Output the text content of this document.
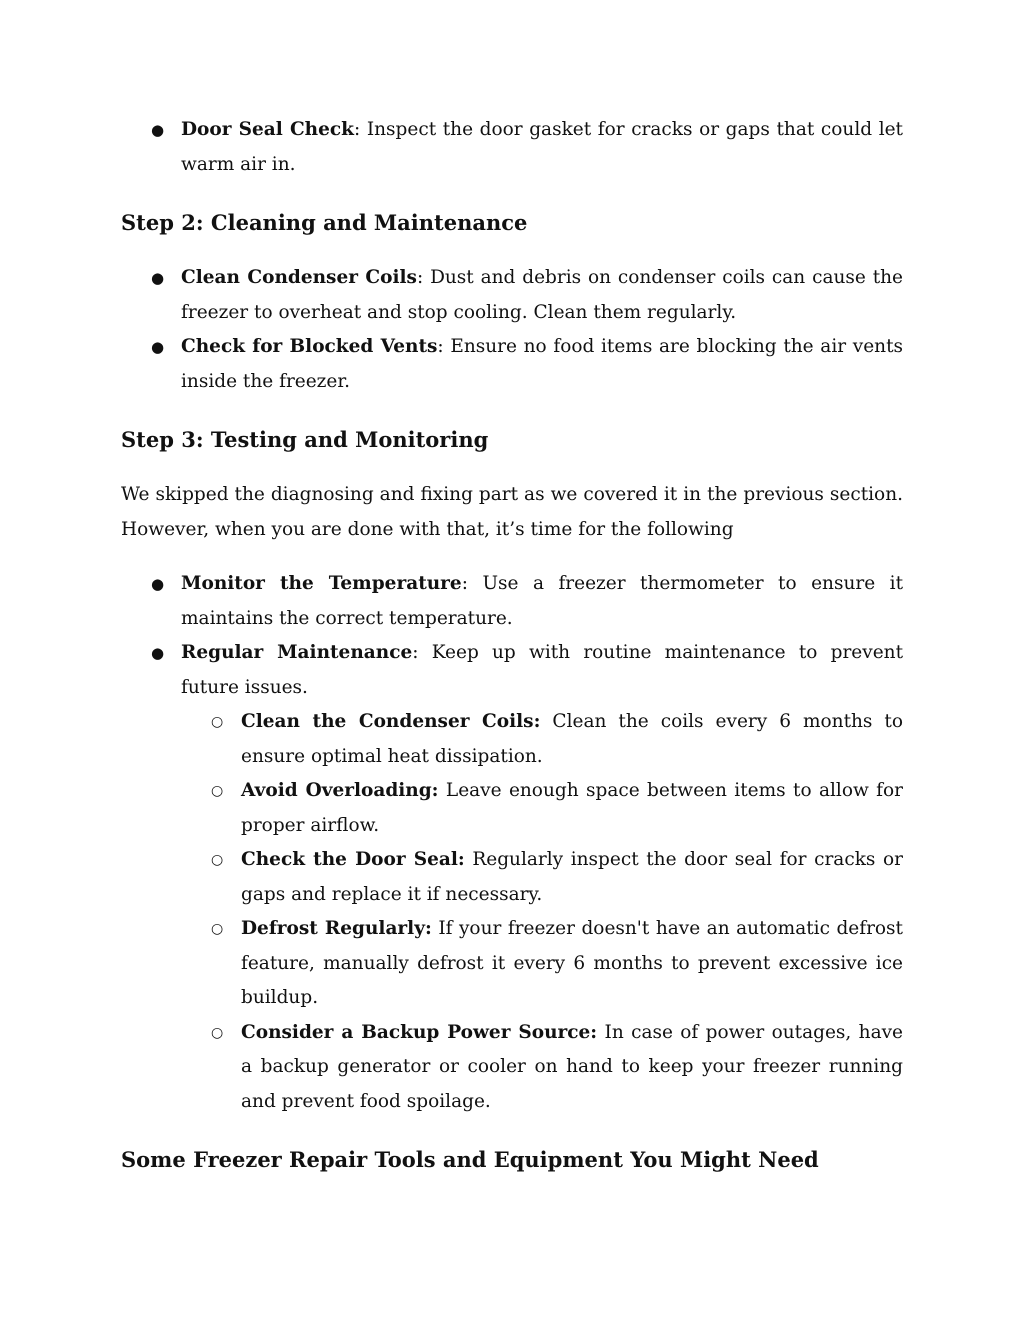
● Door Seal Check: Inspect the door gasket for cracks or gaps that could let warm air in.
Step 2: Cleaning and Maintenance
● Clean Condenser Coils: Dust and debris on condenser coils can cause the freezer to overheat and stop cooling. Clean them regularly.
● Check for Blocked Vents: Ensure no food items are blocking the air vents inside the freezer.
Step 3: Testing and Monitoring

We skipped the diagnosing and fixing part as we covered it in the previous section. However, when you are done with that, it’s time for the following

● Monitor the Temperature: Use a freezer thermometer to ensure it maintains the correct temperature.
● Regular Maintenance: Keep up with routine maintenance to prevent future issues.
○ Clean the Condenser Coils: Clean the coils every 6 months to ensure optimal heat dissipation.
○ Avoid Overloading: Leave enough space between items to allow for proper airflow.
○ Check the Door Seal: Regularly inspect the door seal for cracks or gaps and replace it if necessary.
○ Defrost Regularly: If your freezer doesn't have an automatic defrost feature, manually defrost it every 6 months to prevent excessive ice buildup.
○ Consider a Backup Power Source: In case of power outages, have a backup generator or cooler on hand to keep your freezer running and prevent food spoilage.
Some Freezer Repair Tools and Equipment You Might Need
